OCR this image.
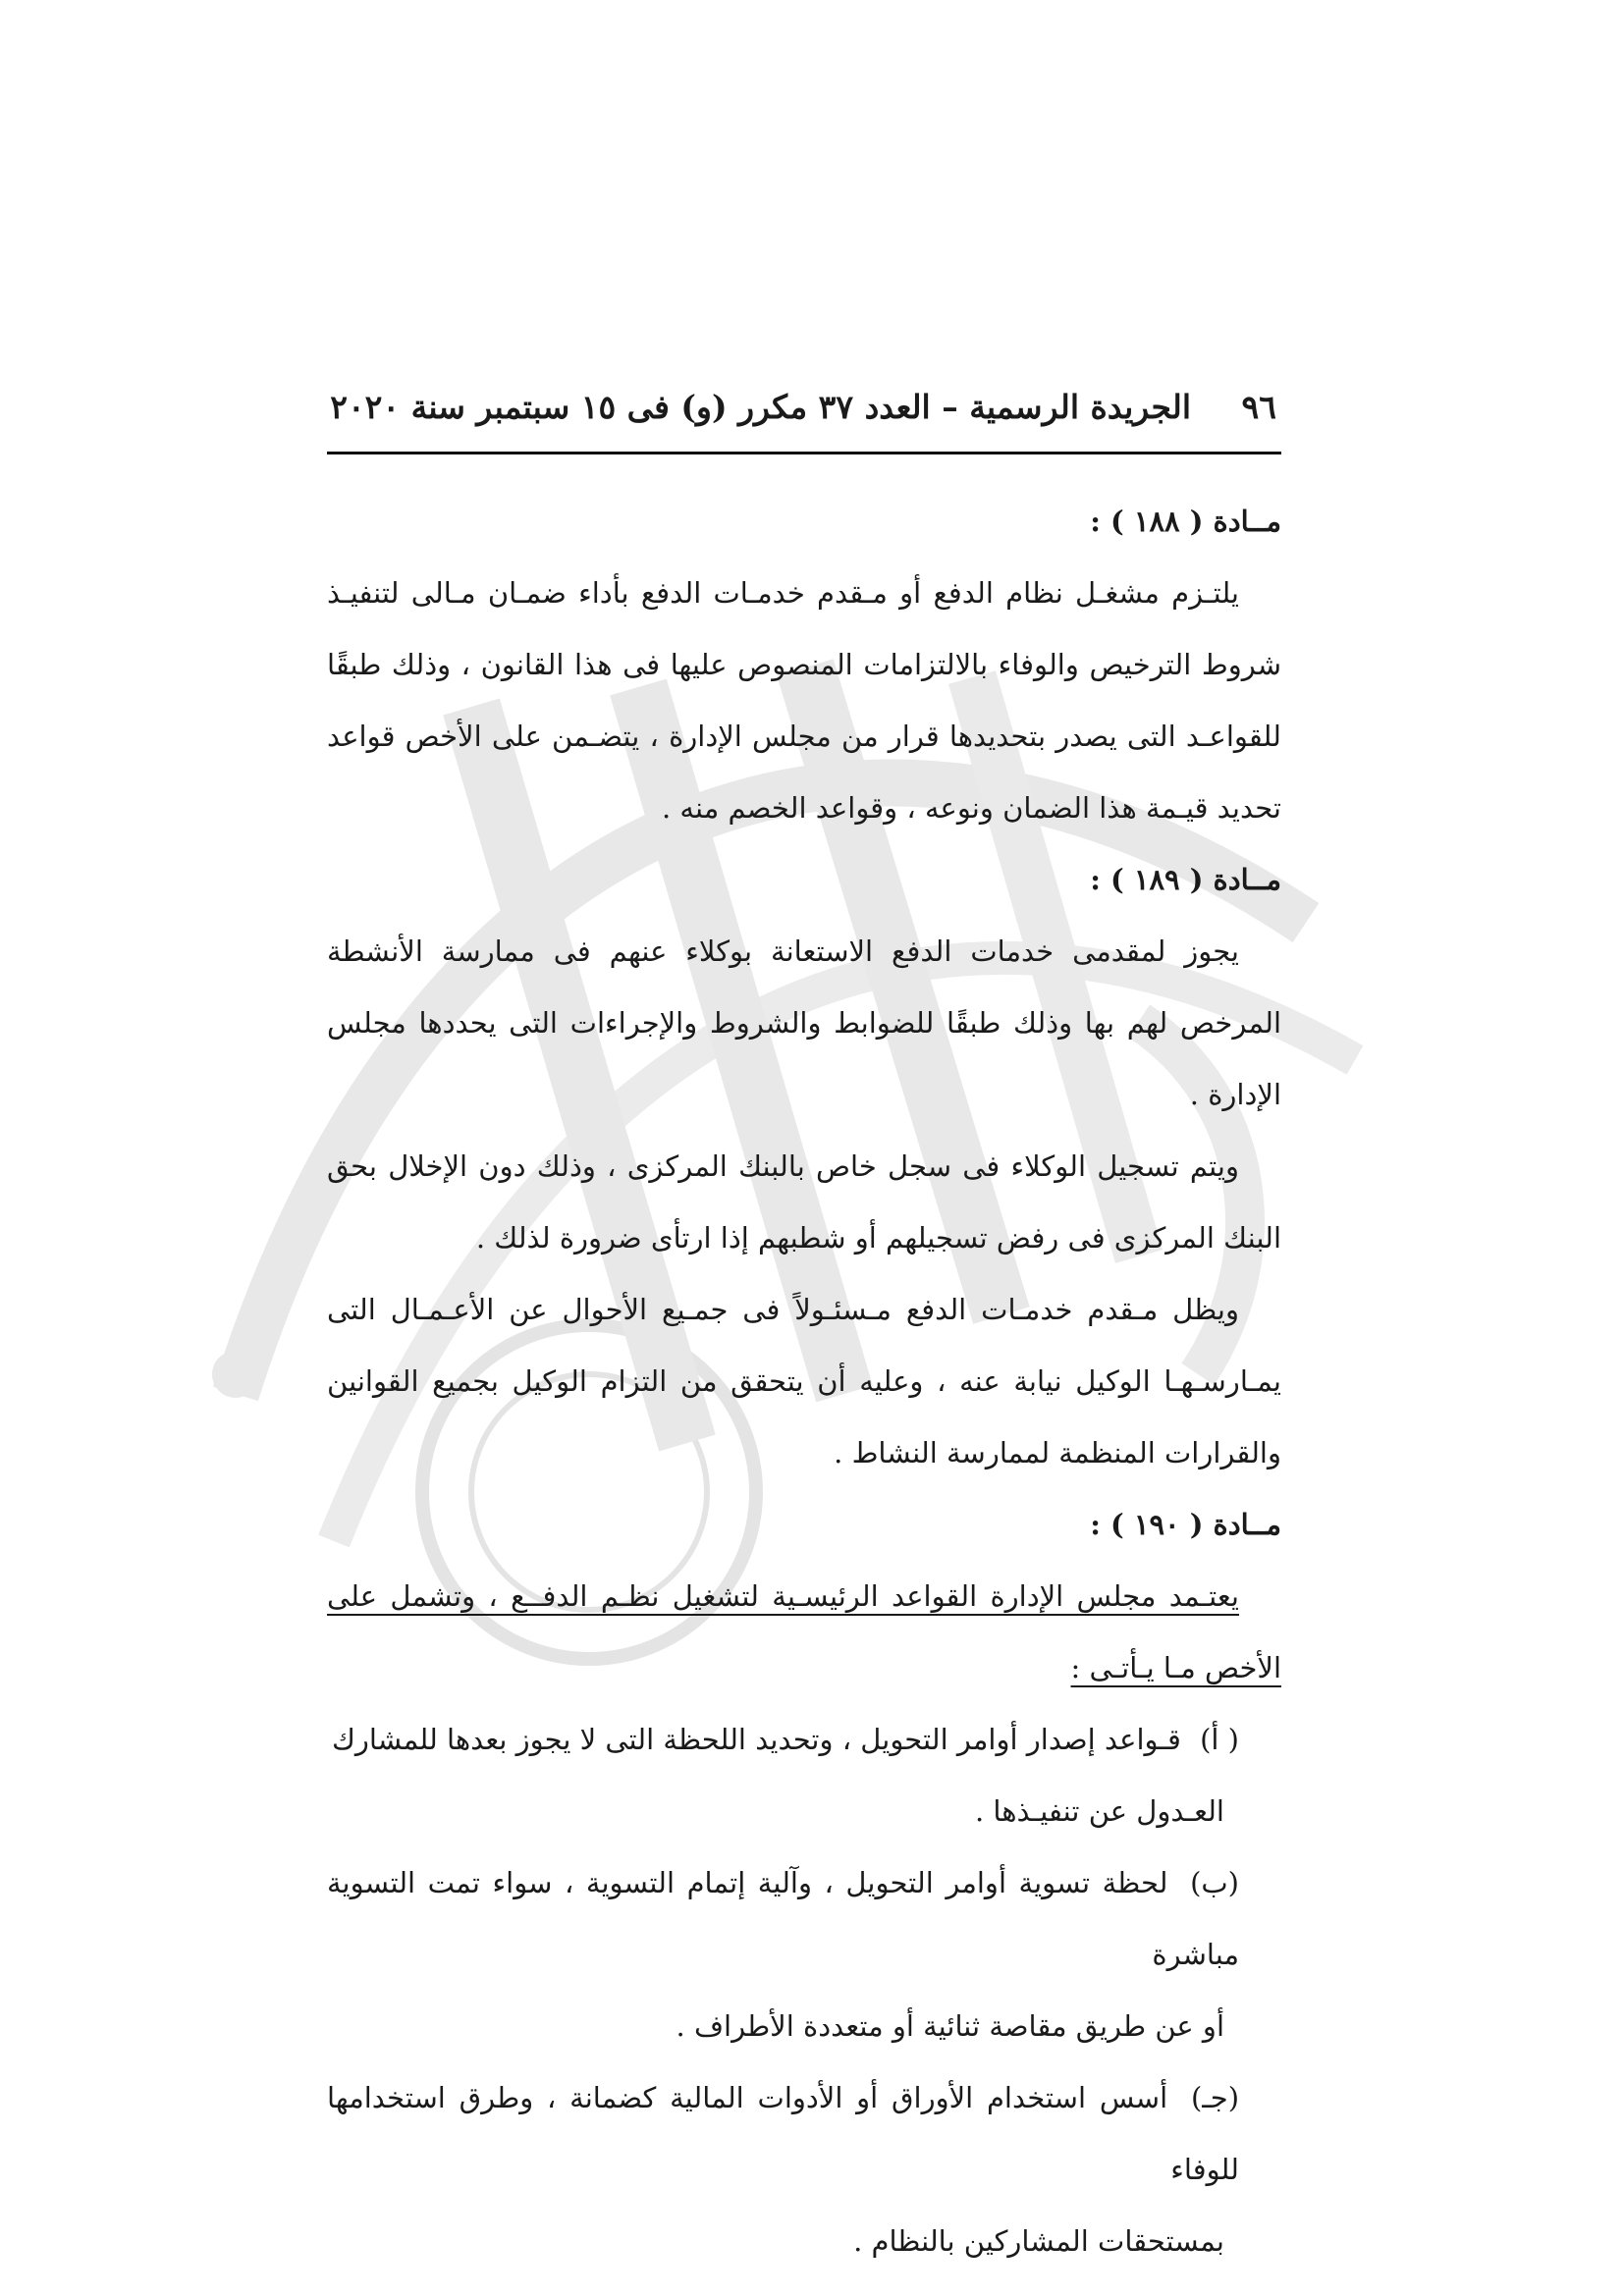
٩٦ الجريدة الرسمية – العدد ٣٧ مكرر (و) فى ١٥ سبتمبر سنة ٢٠٢٠

مــادة ( ١٨٨ ) :

يلتـزم مشغـل نظام الدفع أو مـقدم خدمـات الدفع بأداء ضمـان مـالى لتنفيـذ شروط الترخيص والوفاء بالالتزامات المنصوص عليها فى هذا القانون ، وذلك طبقًا للقواعـد التى يصدر بتحديدها قرار من مجلس الإدارة ، يتضـمن على الأخص قواعد تحديد قيـمة هذا الضمان ونوعه ، وقواعد الخصم منه .

مــادة ( ١٨٩ ) :

يجوز لمقدمى خدمات الدفع الاستعانة بوكلاء عنهم فى ممارسة الأنشطة المرخص لهم بها وذلك طبقًا للضوابط والشروط والإجراءات التى يحددها مجلس الإدارة .

ويتم تسجيل الوكلاء فى سجل خاص بالبنك المركزى ، وذلك دون الإخلال بحق البنك المركزى فى رفض تسجيلهم أو شطبهم إذا ارتأى ضرورة لذلك .

ويظل مـقدم خدمـات الدفع مـسئـولاً فى جمـيع الأحوال عن الأعـمـال التى يمـارسـهـا الوكيل نيابة عنه ، وعليه أن يتحقق من التزام الوكيل بجميع القوانين والقرارات المنظمة لممارسة النشاط .

مــادة ( ١٩٠ ) :

يعتـمد مجلس الإدارة القواعد الرئيسـية لتشغيل نظـم الدفــع ، وتشمل على الأخص مـا يـأتـى :

( أ) قـواعد إصدار أوامر التحويل ، وتحديد اللحظة التى لا يجوز بعدها للمشارك

العـدول عن تنفيـذها .

(ب) لحظة تسوية أوامر التحويل ، وآلية إتمام التسوية ، سواء تمت التسوية مباشرة

أو عن طريق مقاصة ثنائية أو متعددة الأطراف .

(جـ) أسس استخدام الأوراق أو الأدوات المالية كضمانة ، وطرق استخدامها للوفاء

بمستحقات المشاركين بالنظام .
